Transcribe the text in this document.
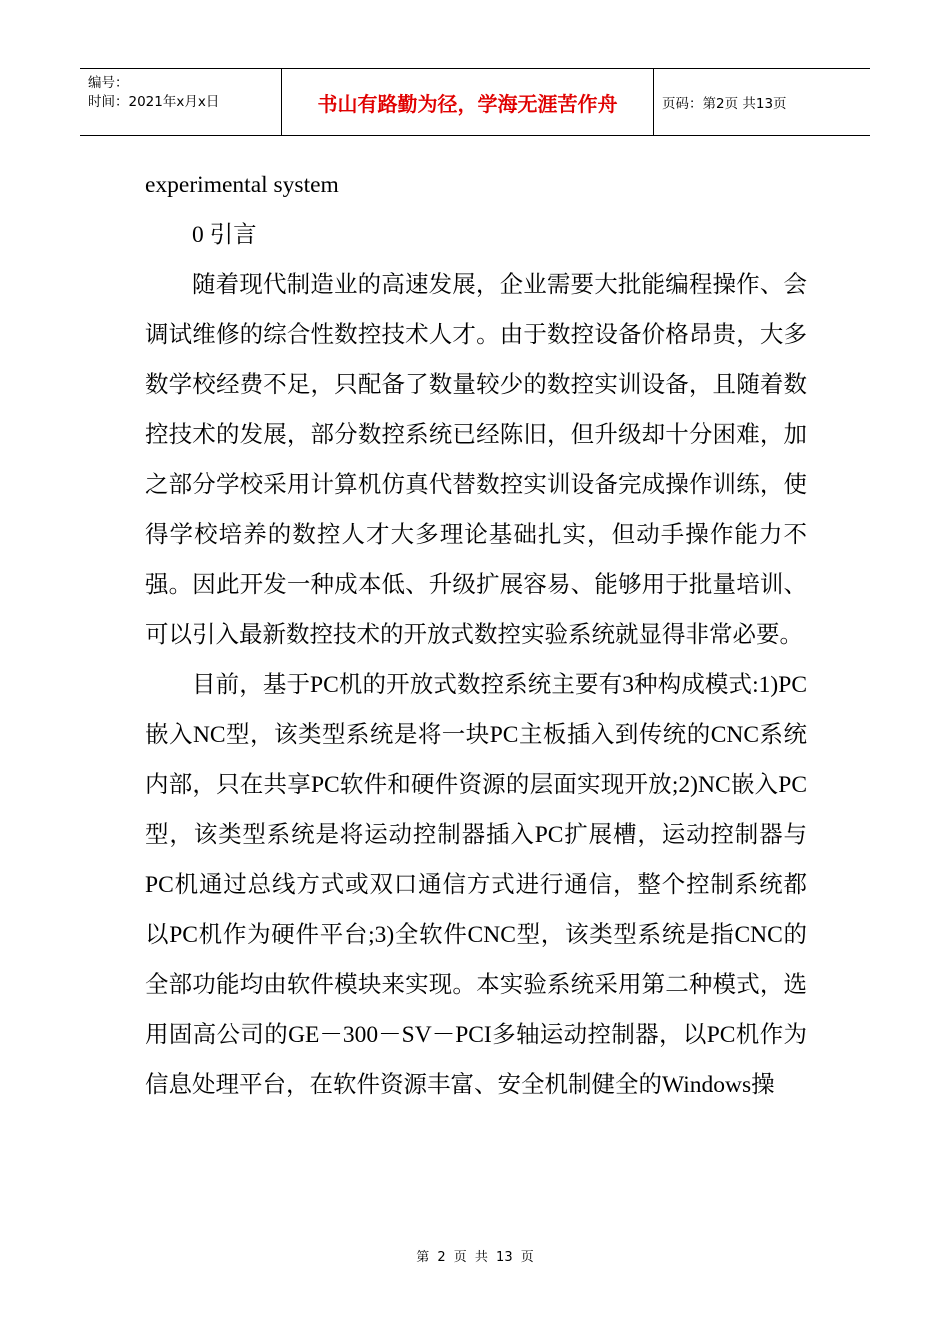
编号：
时间：2021年x月x日	书山有路勤为径，学海无涯苦作舟	页码：第2页 共13页

experimental system

0 引言

随着现代制造业的高速发展，企业需要大批能编程操作、会调试维修的综合性数控技术人才。由于数控设备价格昂贵，大多数学校经费不足，只配备了数量较少的数控实训设备，且随着数控技术的发展，部分数控系统已经陈旧，但升级却十分困难，加之部分学校采用计算机仿真代替数控实训设备完成操作训练，使得学校培养的数控人才大多理论基础扎实，但动手操作能力不强。因此开发一种成本低、升级扩展容易、能够用于批量培训、可以引入最新数控技术的开放式数控实验系统就显得非常必要。

目前，基于PC机的开放式数控系统主要有3种构成模式:1)PC嵌入NC型，该类型系统是将一块PC主板插入到传统的CNC系统内部，只在共享PC软件和硬件资源的层面实现开放;2)NC嵌入PC型，该类型系统是将运动控制器插入PC扩展槽，运动控制器与PC机通过总线方式或双口通信方式进行通信，整个控制系统都以PC机作为硬件平台;3)全软件CNC型，该类型系统是指CNC的全部功能均由软件模块来实现。本实验系统采用第二种模式，选用固高公司的GE－300－SV－PCI多轴运动控制器，以PC机作为信息处理平台，在软件资源丰富、安全机制健全的Windows操

第 2 页 共 13 页
